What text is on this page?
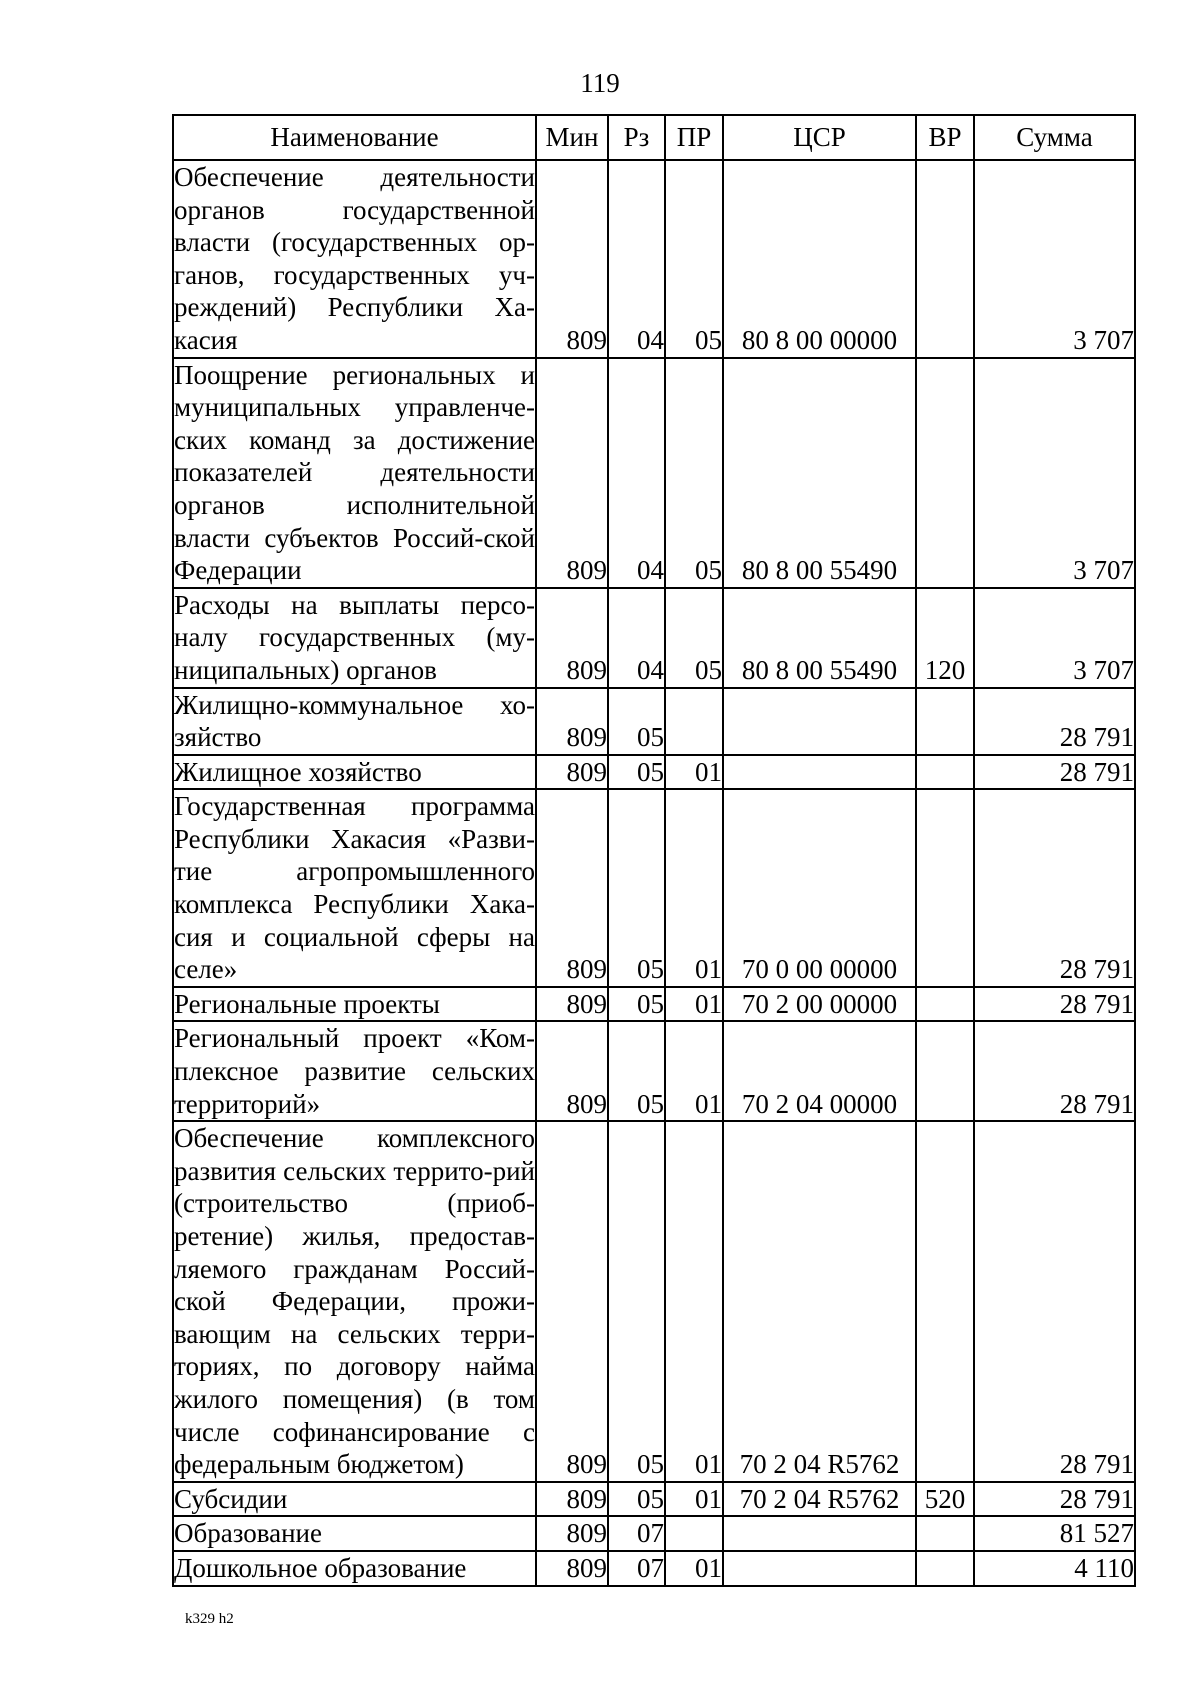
119
Наименование	Мин	Рз	ПР	ЦСР	ВР	Сумма
Обеспечение деятельности органов государственной власти (государственных ор-ганов, государственных уч-реждений) Республики Ха-касия	809	04	05	80 8 00 00000		3 707
Поощрение региональных и муниципальных управленче-ских команд за достижение показателей деятельности органов исполнительной власти субъектов Россий-ской Федерации	809	04	05	80 8 00 55490		3 707
Расходы на выплаты персо-налу государственных (му-ниципальных) органов	809	04	05	80 8 00 55490	120	3 707
Жилищно-коммунальное хо-зяйство	809	05				28 791
Жилищное хозяйство	809	05	01			28 791
Государственная программа Республики Хакасия «Разви-тие агропромышленного комплекса Республики Хака-сия и социальной сферы на селе»	809	05	01	70 0 00 00000		28 791
Региональные проекты	809	05	01	70 2 00 00000		28 791
Региональный проект «Ком-плексное развитие сельских территорий»	809	05	01	70 2 04 00000		28 791
Обеспечение комплексного развития сельских террито-рий (строительство (приоб-ретение) жилья, предостав-ляемого гражданам Россий-ской Федерации, прожи-вающим на сельских терри-ториях, по договору найма жилого помещения) (в том числе софинансирование с федеральным бюджетом)	809	05	01	70 2 04 R5762		28 791
Субсидии	809	05	01	70 2 04 R5762	520	28 791
Образование	809	07				81 527
Дошкольное образование	809	07	01			4 110
k329 h2
